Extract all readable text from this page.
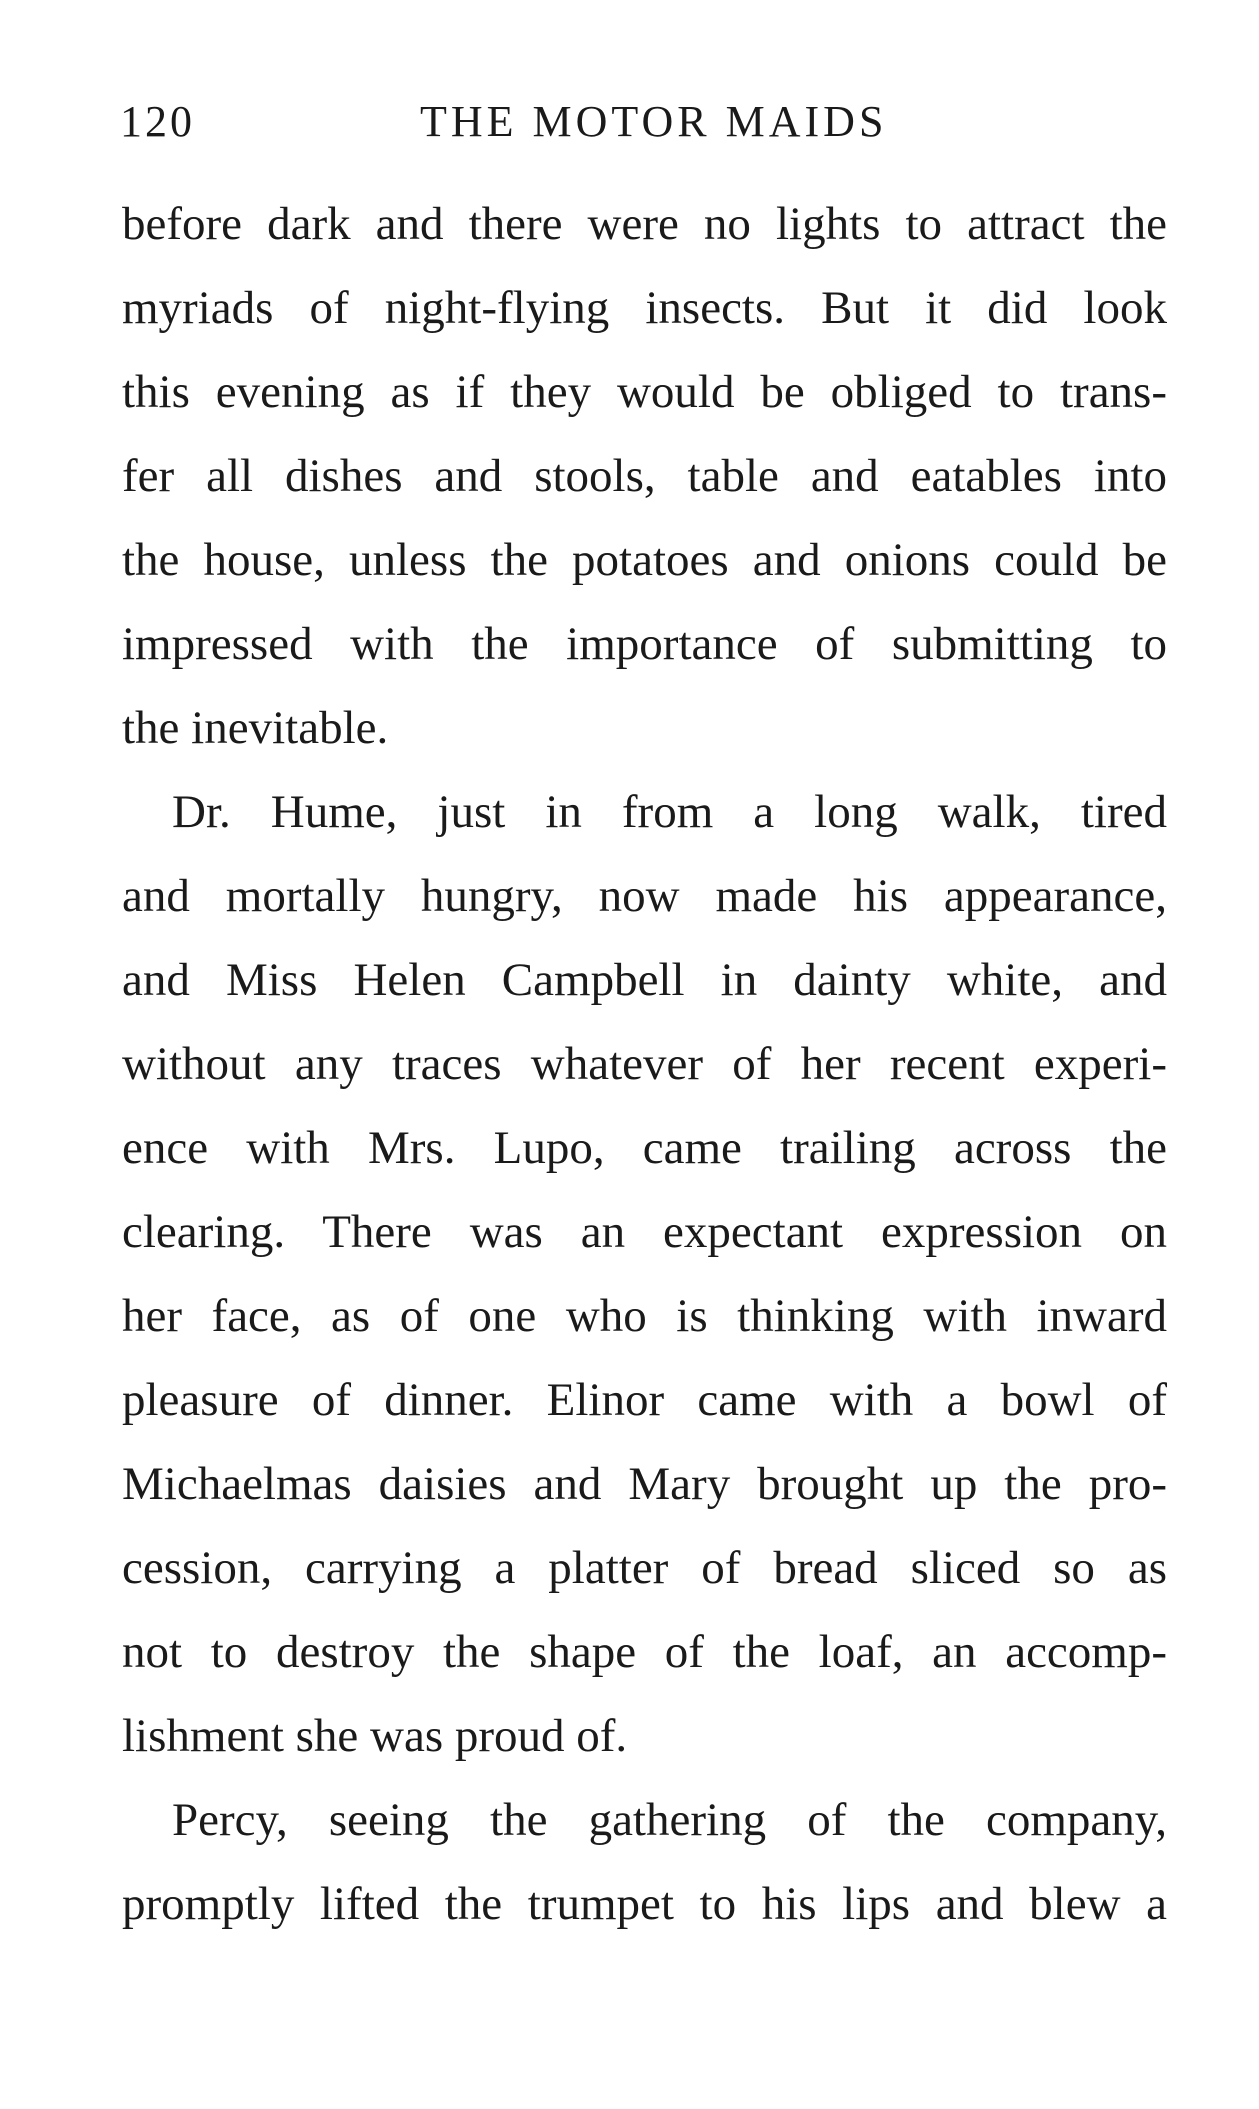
120	THE MOTOR MAIDS
before dark and there were no lights to attract the
myriads of night-flying insects. But it did look
this evening as if they would be obliged to trans-
fer all dishes and stools, table and eatables into
the house, unless the potatoes and onions could be
impressed with the importance of submitting to
the inevitable.
Dr. Hume, just in from a long walk, tired
and mortally hungry, now made his appearance,
and Miss Helen Campbell in dainty white, and
without any traces whatever of her recent experi-
ence with Mrs. Lupo, came trailing across the
clearing. There was an expectant expression on
her face, as of one who is thinking with inward
pleasure of dinner. Elinor came with a bowl of
Michaelmas daisies and Mary brought up the pro-
cession, carrying a platter of bread sliced so as
not to destroy the shape of the loaf, an accomp-
lishment she was proud of.
Percy, seeing the gathering of the company,
promptly lifted the trumpet to his lips and blew a
